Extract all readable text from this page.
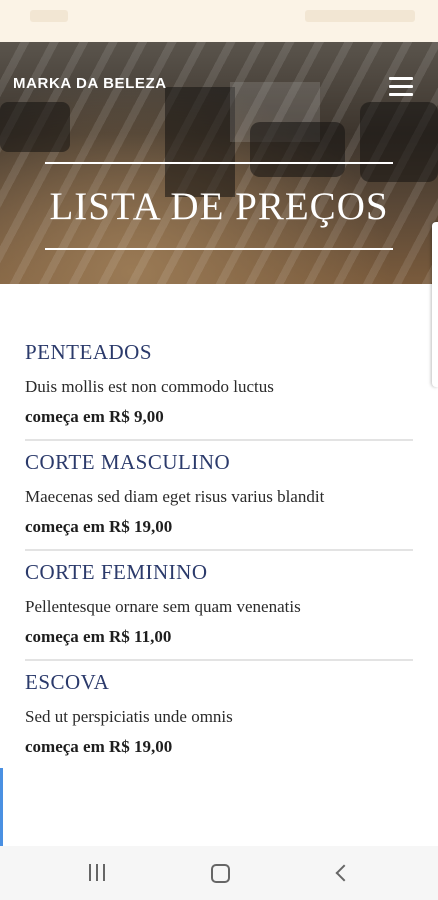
MARKA DA BELEZA
LISTA DE PREÇOS
PENTEADOS
Duis mollis est non commodo luctus
começa em R$ 9,00
CORTE MASCULINO
Maecenas sed diam eget risus varius blandit
começa em R$ 19,00
CORTE FEMININO
Pellentesque ornare sem quam venenatis
começa em R$ 11,00
ESCOVA
Sed ut perspiciatis unde omnis
começa em R$ 19,00
